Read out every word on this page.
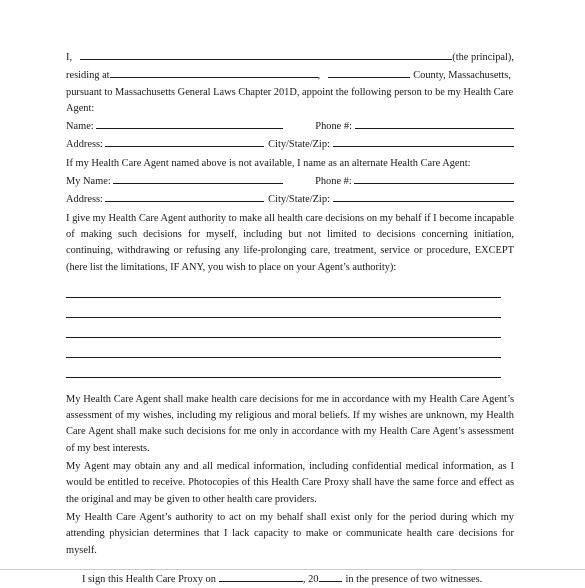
I,	(the principal),
residing at	,	County, Massachusetts,

pursuant to Massachusetts General Laws Chapter 201D, appoint the following person to be my Health Care

Agent:

Name:	Phone #:
Address:	City/State/Zip:

If my Health Care Agent named above is not available, I name as an alternate Health Care Agent:

My Name:	Phone #:
Address:	City/State/Zip:

I give my Health Care Agent authority to make all health care decisions on my behalf if I become incapable of making such decisions for myself, including but not limited to decisions concerning initiation, continuing, withdrawing or refusing any life-prolonging care, treatment, service or procedure, EXCEPT (here list the limitations, IF ANY, you wish to place on your Agent’s authority):

My Health Care Agent shall make health care decisions for me in accordance with my Health Care Agent’s assessment of my wishes, including my religious and moral beliefs. If my wishes are unknown, my Health Care Agent shall make such decisions for me only in accordance with my Health Care Agent’s assessment of my best interests.

My Agent may obtain any and all medical information, including confidential medical information, as I would be entitled to receive. Photocopies of this Health Care Proxy shall have the same force and effect as the original and may be given to other health care providers.

My Health Care Agent’s authority to act on my behalf shall exist only for the period during which my attending physician determines that I lack capacity to make or communicate health care decisions for myself.

I sign this Health Care Proxy on	, 20	in the presence of two witnesses.
